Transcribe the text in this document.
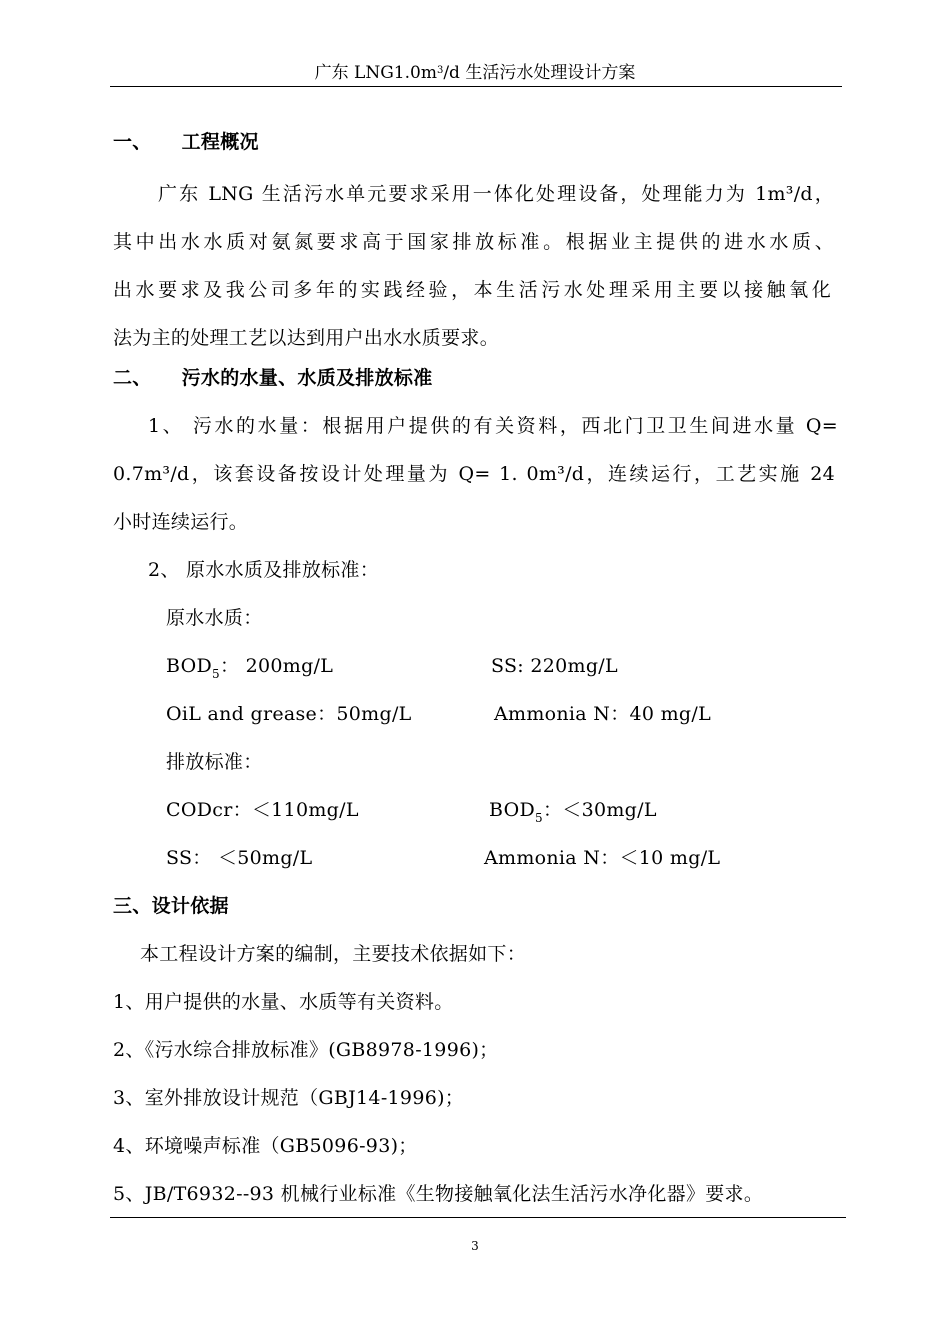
广东 $LNG1.0m^3/d$ 生活污水处理设计方案
一、 工程概况
广东 LNG 生活污水单元要求采用一体化处理设备，处理能力为 1m³/d，
其中出水水质对氨氮要求高于国家排放标准。根据业主提供的进水水质、
出水要求及我公司多年的实践经验，本生活污水处理采用主要以接触氧化
法为主的处理工艺以达到用户出水水质要求。
二、 污水的水量、水质及排放标准
1、 污水的水量：根据用户提供的有关资料，西北门卫卫生间进水量 Q=
0.7m³/d，该套设备按设计处理量为 Q= 1. 0m³/d，连续运行，工艺实施 24
小时连续运行。
2、 原水水质及排放标准：
原水水质：
$BOD_5$： 200mg/L	SS: 220mg/L
OiL and grease：50mg/L	Ammonia N：40 mg/L
排放标准：
CODcr：＜110mg/L	$BOD_5$：＜30mg/L
SS： ＜50mg/L	Ammonia N：＜10 mg/L
三、设计依据
本工程设计方案的编制，主要技术依据如下：
1、用户提供的水量、水质等有关资料。
2、《污水综合排放标准》(GB8978-1996)；
3、室外排放设计规范（GBJ14-1996)；
4、环境噪声标准（GB5096-93)；
5、JB/T6932--93 机械行业标准《生物接触氧化法生活污水净化器》要求。
3
